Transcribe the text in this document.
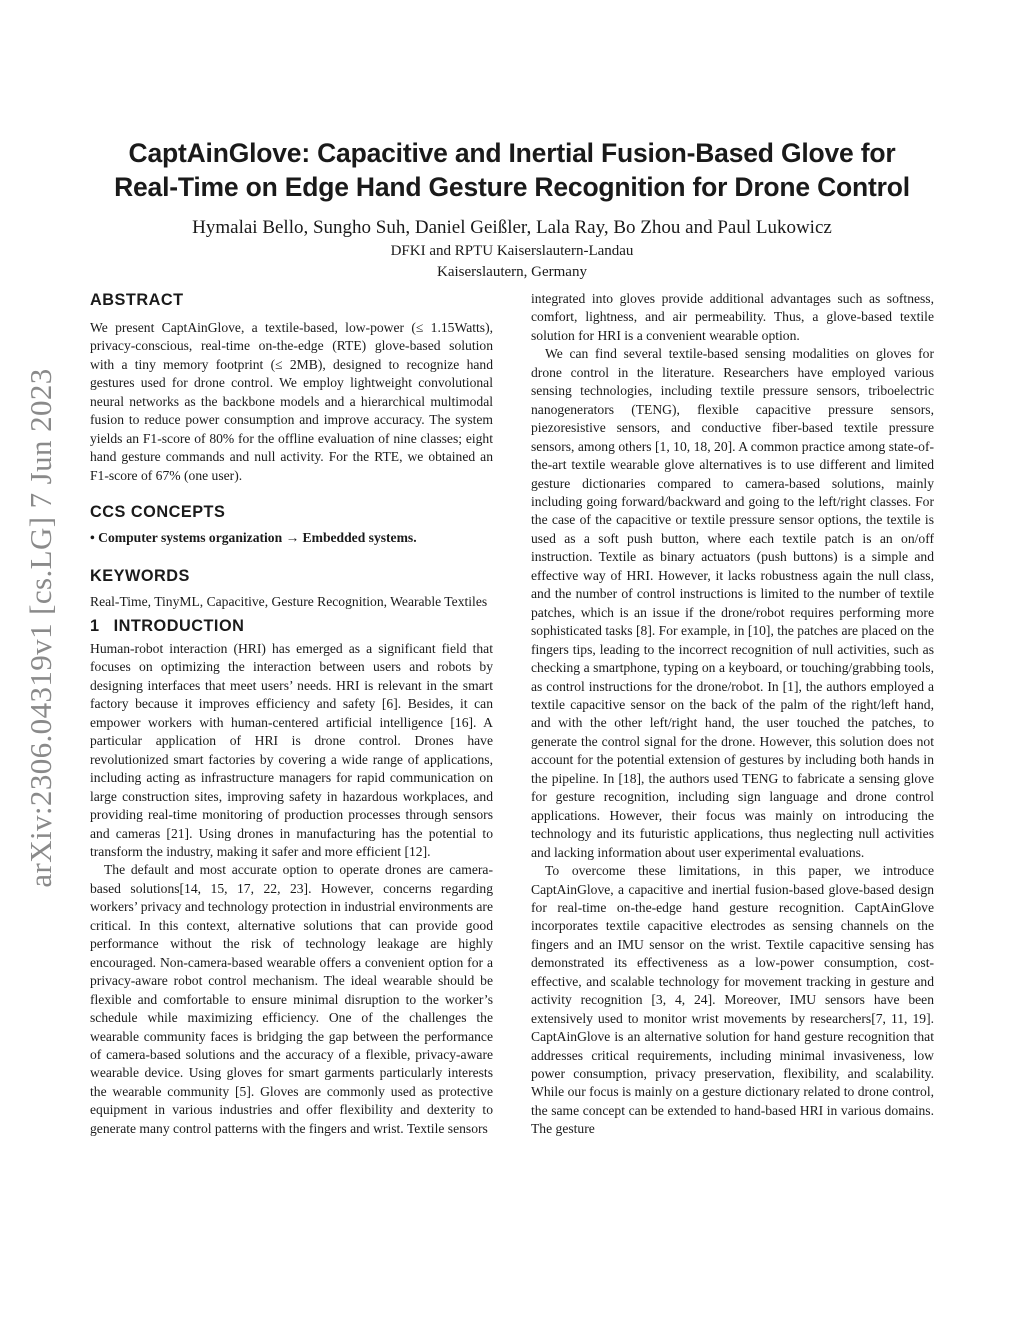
arXiv:2306.04319v1 [cs.LG] 7 Jun 2023
CaptAinGlove: Capacitive and Inertial Fusion-Based Glove for
Real-Time on Edge Hand Gesture Recognition for Drone Control
Hymalai Bello, Sungho Suh, Daniel Geißler, Lala Ray, Bo Zhou and Paul Lukowicz
DFKI and RPTU Kaiserslautern-Landau
Kaiserslautern, Germany
ABSTRACT

We present CaptAinGlove, a textile-based, low-power (≤ 1.15Watts), privacy-conscious, real-time on-the-edge (RTE) glove-based solution with a tiny memory footprint (≤ 2MB), designed to recognize hand gestures used for drone control. We employ lightweight convolutional neural networks as the backbone models and a hierarchical multimodal fusion to reduce power consumption and improve accuracy. The system yields an F1-score of 80% for the offline evaluation of nine classes; eight hand gesture commands and null activity. For the RTE, we obtained an F1-score of 67% (one user).

CCS CONCEPTS

• Computer systems organization → Embedded systems.

KEYWORDS

Real-Time, TinyML, Capacitive, Gesture Recognition, Wearable Textiles

1 INTRODUCTION

Human-robot interaction (HRI) has emerged as a significant field that focuses on optimizing the interaction between users and robots by designing interfaces that meet users’ needs. HRI is relevant in the smart factory because it improves efficiency and safety [6]. Besides, it can empower workers with human-centered artificial intelligence [16]. A particular application of HRI is drone control. Drones have revolutionized smart factories by covering a wide range of applications, including acting as infrastructure managers for rapid communication on large construction sites, improving safety in hazardous workplaces, and providing real-time monitoring of production processes through sensors and cameras [21]. Using drones in manufacturing has the potential to transform the industry, making it safer and more efficient [12].

The default and most accurate option to operate drones are camera-based solutions[14, 15, 17, 22, 23]. However, concerns regarding workers’ privacy and technology protection in industrial environments are critical. In this context, alternative solutions that can provide good performance without the risk of technology leakage are highly encouraged. Non-camera-based wearable offers a convenient option for a privacy-aware robot control mechanism. The ideal wearable should be flexible and comfortable to ensure minimal disruption to the worker’s schedule while maximizing efficiency. One of the challenges the wearable community faces is bridging the gap between the performance of camera-based solutions and the accuracy of a flexible, privacy-aware wearable device. Using gloves for smart garments particularly interests the wearable community [5]. Gloves are commonly used as protective equipment in various industries and offer flexibility and dexterity to generate many control patterns with the fingers and wrist. Textile sensors

integrated into gloves provide additional advantages such as softness, comfort, lightness, and air permeability. Thus, a glove-based textile solution for HRI is a convenient wearable option.

We can find several textile-based sensing modalities on gloves for drone control in the literature. Researchers have employed various sensing technologies, including textile pressure sensors, triboelectric nanogenerators (TENG), flexible capacitive pressure sensors, piezoresistive sensors, and conductive fiber-based textile pressure sensors, among others [1, 10, 18, 20]. A common practice among state-of-the-art textile wearable glove alternatives is to use different and limited gesture dictionaries compared to camera-based solutions, mainly including going forward/backward and going to the left/right classes. For the case of the capacitive or textile pressure sensor options, the textile is used as a soft push button, where each textile patch is an on/off instruction. Textile as binary actuators (push buttons) is a simple and effective way of HRI. However, it lacks robustness again the null class, and the number of control instructions is limited to the number of textile patches, which is an issue if the drone/robot requires performing more sophisticated tasks [8]. For example, in [10], the patches are placed on the fingers tips, leading to the incorrect recognition of null activities, such as checking a smartphone, typing on a keyboard, or touching/grabbing tools, as control instructions for the drone/robot. In [1], the authors employed a textile capacitive sensor on the back of the palm of the right/left hand, and with the other left/right hand, the user touched the patches, to generate the control signal for the drone. However, this solution does not account for the potential extension of gestures by including both hands in the pipeline. In [18], the authors used TENG to fabricate a sensing glove for gesture recognition, including sign language and drone control applications. However, their focus was mainly on introducing the technology and its futuristic applications, thus neglecting null activities and lacking information about user experimental evaluations.

To overcome these limitations, in this paper, we introduce CaptAinGlove, a capacitive and inertial fusion-based glove-based design for real-time on-the-edge hand gesture recognition. CaptAinGlove incorporates textile capacitive electrodes as sensing channels on the fingers and an IMU sensor on the wrist. Textile capacitive sensing has demonstrated its effectiveness as a low-power consumption, cost-effective, and scalable technology for movement tracking in gesture and activity recognition [3, 4, 24]. Moreover, IMU sensors have been extensively used to monitor wrist movements by researchers[7, 11, 19]. CaptAinGlove is an alternative solution for hand gesture recognition that addresses critical requirements, including minimal invasiveness, low power consumption, privacy preservation, flexibility, and scalability. While our focus is mainly on a gesture dictionary related to drone control, the same concept can be extended to hand-based HRI in various domains. The gesture
